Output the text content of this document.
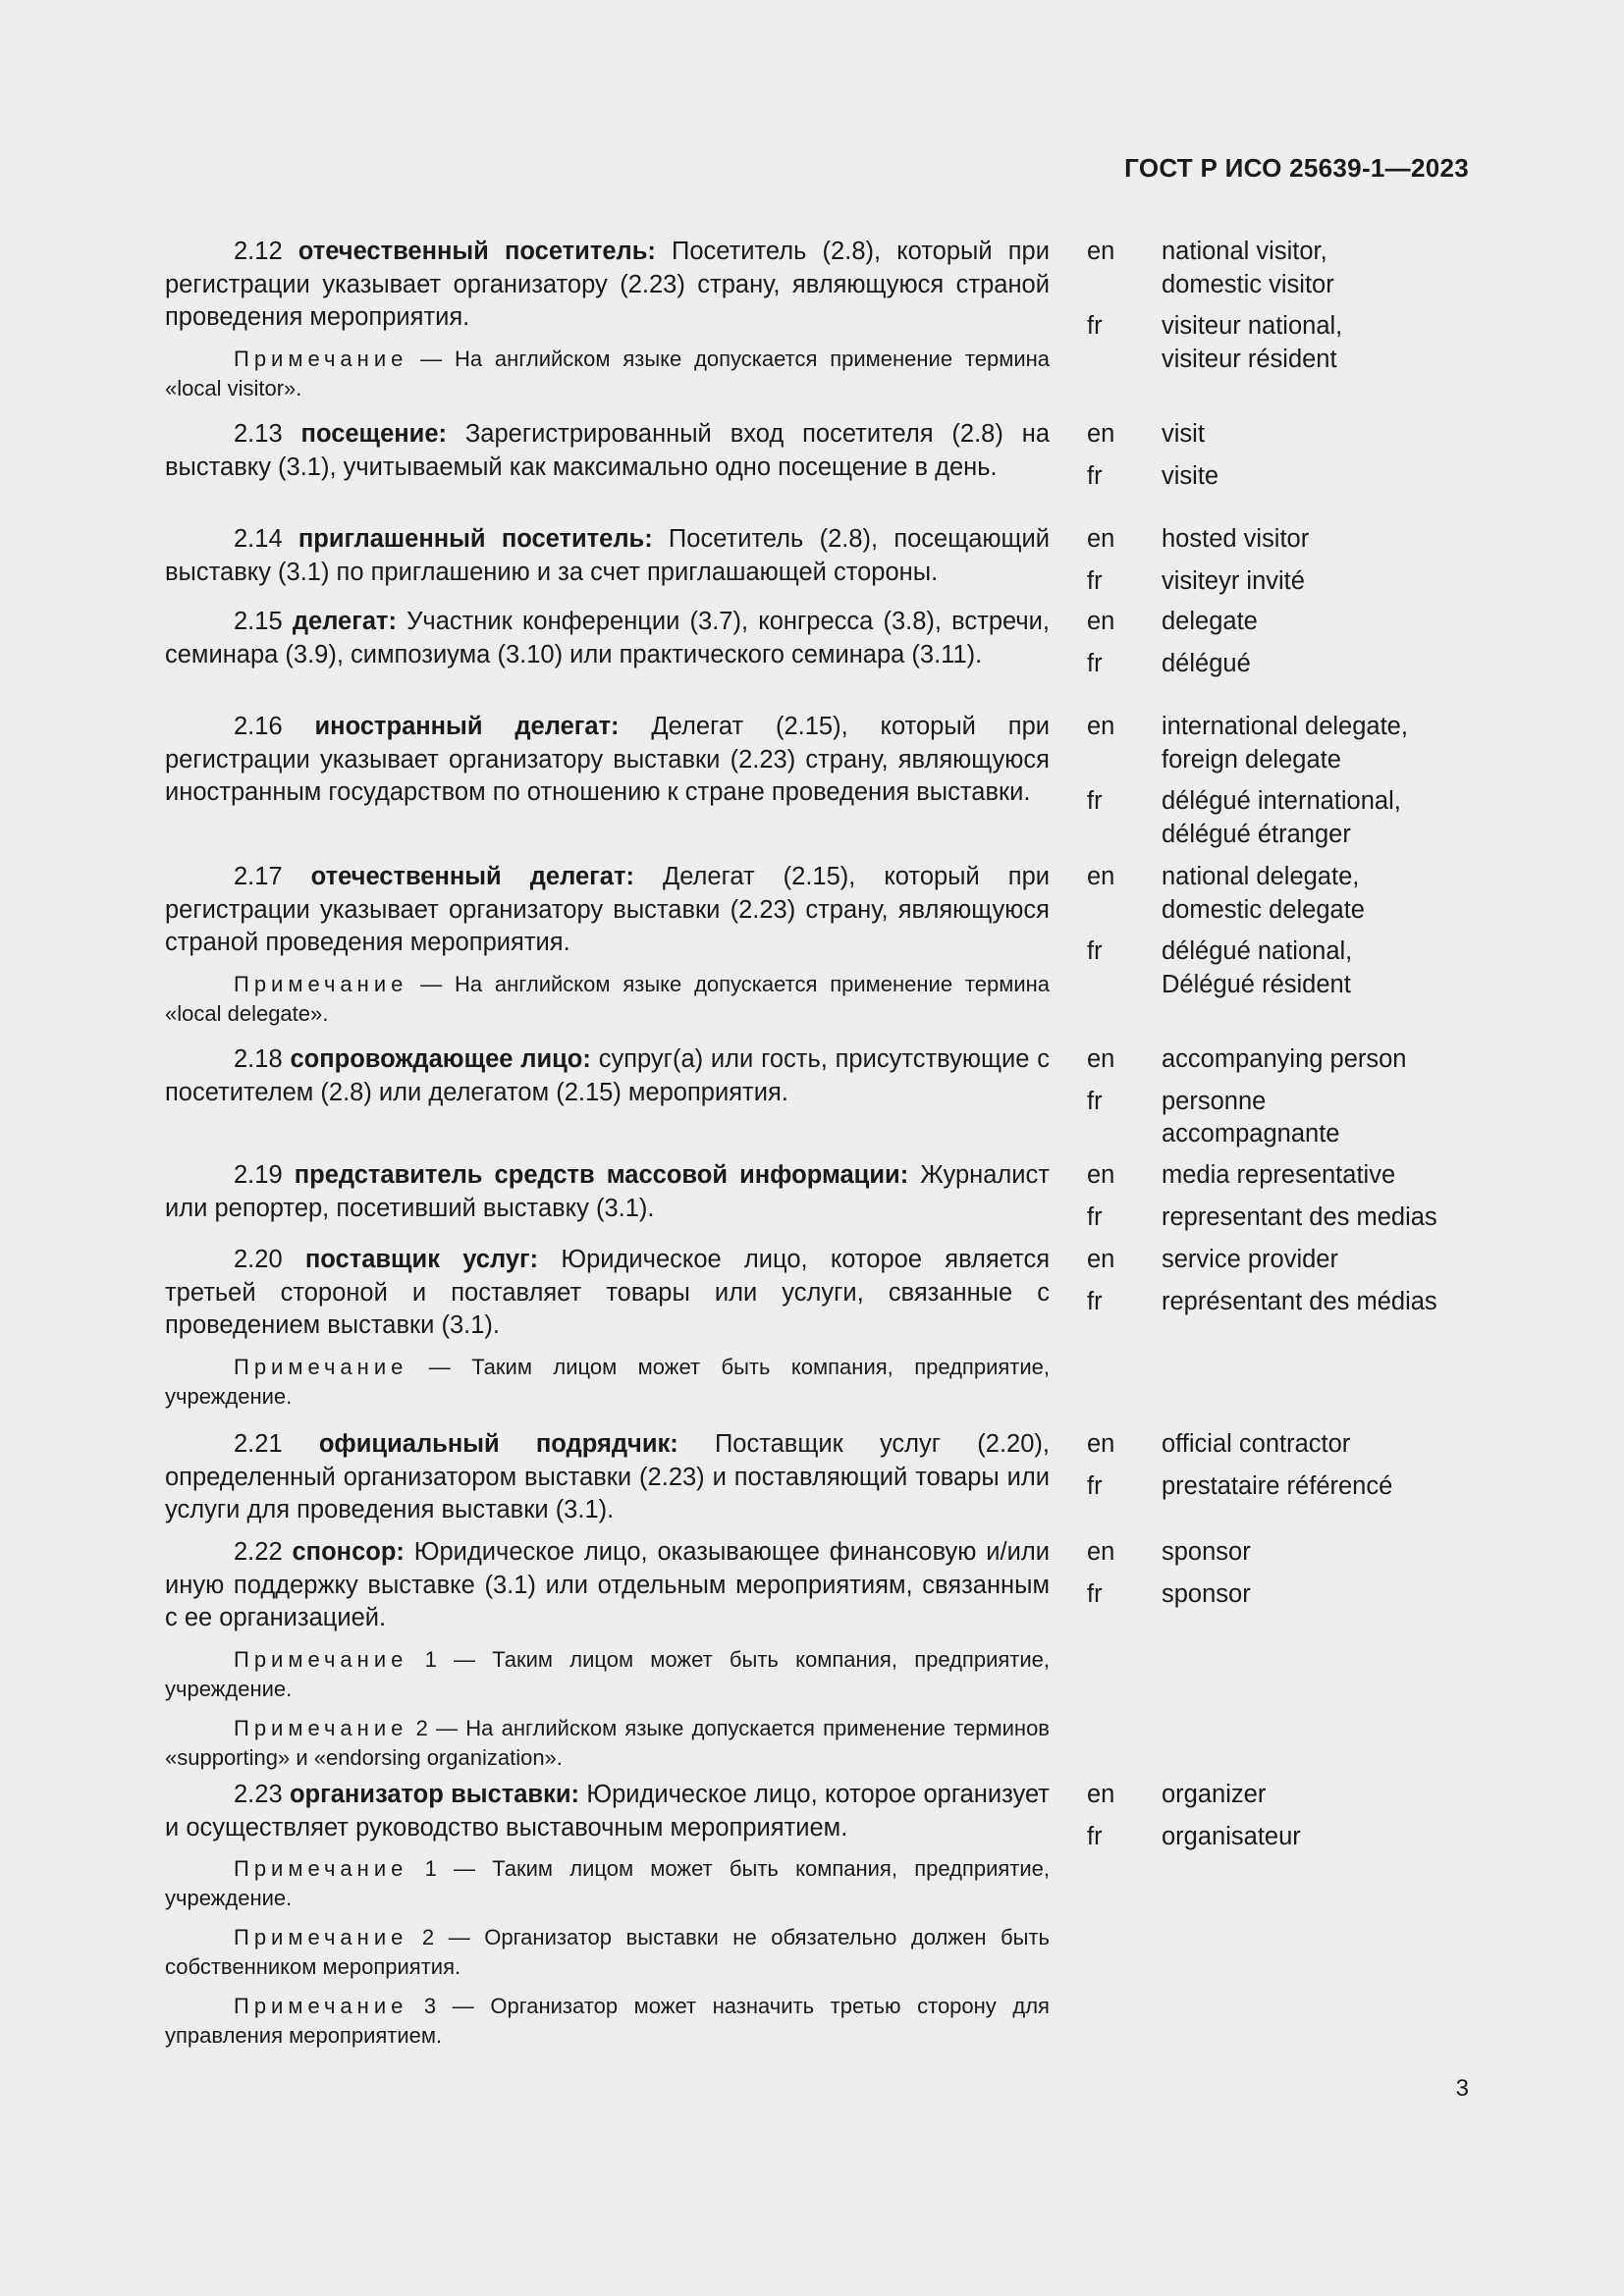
ГОСТ Р ИСО 25639-1—2023

2.12 отечественный посетитель: Посетитель (2.8), который при регистрации указывает организатору (2.23) страну, являющуюся страной проведения мероприятия.

Примечание — На английском языке допускается применение термина «local visitor».

en national visitor,
domestic visitor
fr visiteur national,
visiteur résident

2.13 посещение: Зарегистрированный вход посетителя (2.8) на выставку (3.1), учитываемый как максимально одно посещение в день.

en visit
fr visite

2.14 приглашенный посетитель: Посетитель (2.8), посещающий выставку (3.1) по приглашению и за счет приглашающей стороны.

en hosted visitor
fr visiteyr invité

2.15 делегат: Участник конференции (3.7), конгресса (3.8), встречи, семинара (3.9), симпозиума (3.10) или практического семинара (3.11).

en delegate
fr délégué

2.16 иностранный делегат: Делегат (2.15), который при регистрации указывает организатору выставки (2.23) страну, являющуюся иностранным государством по отношению к стране проведения выставки.

en international delegate,
foreign delegate
fr délégué international,
délégué étranger

2.17 отечественный делегат: Делегат (2.15), который при регистрации указывает организатору выставки (2.23) страну, являющуюся страной проведения мероприятия.

Примечание — На английском языке допускается применение термина «local delegate».

en national delegate,
domestic delegate
fr délégué national,
Délégué résident

2.18 сопровождающее лицо: супруг(а) или гость, присутствующие с посетителем (2.8) или делегатом (2.15) мероприятия.

en accompanying person
fr personne
accompagnante

2.19 представитель средств массовой информации: Журналист или репортер, посетивший выставку (3.1).

en media representative
fr representant des medias

2.20 поставщик услуг: Юридическое лицо, которое является третьей стороной и поставляет товары или услуги, связанные с проведением выставки (3.1).

Примечание — Таким лицом может быть компания, предприятие, учреждение.

en service provider
fr représentant des médias

2.21 официальный подрядчик: Поставщик услуг (2.20), определенный организатором выставки (2.23) и поставляющий товары или услуги для проведения выставки (3.1).

en official contractor
fr prestataire référencé

2.22 спонсор: Юридическое лицо, оказывающее финансовую и/или иную поддержку выставке (3.1) или отдельным мероприятиям, связанным с ее организацией.

Примечание 1 — Таким лицом может быть компания, предприятие, учреждение.

Примечание 2 — На английском языке допускается применение терминов «supporting» и «endorsing organization».

en sponsor
fr sponsor

2.23 организатор выставки: Юридическое лицо, которое организует и осуществляет руководство выставочным мероприятием.

Примечание 1 — Таким лицом может быть компания, предприятие, учреждение.

Примечание 2 — Организатор выставки не обязательно должен быть собственником мероприятия.

Примечание 3 — Организатор может назначить третью сторону для управления мероприятием.

en organizer
fr organisateur
3
